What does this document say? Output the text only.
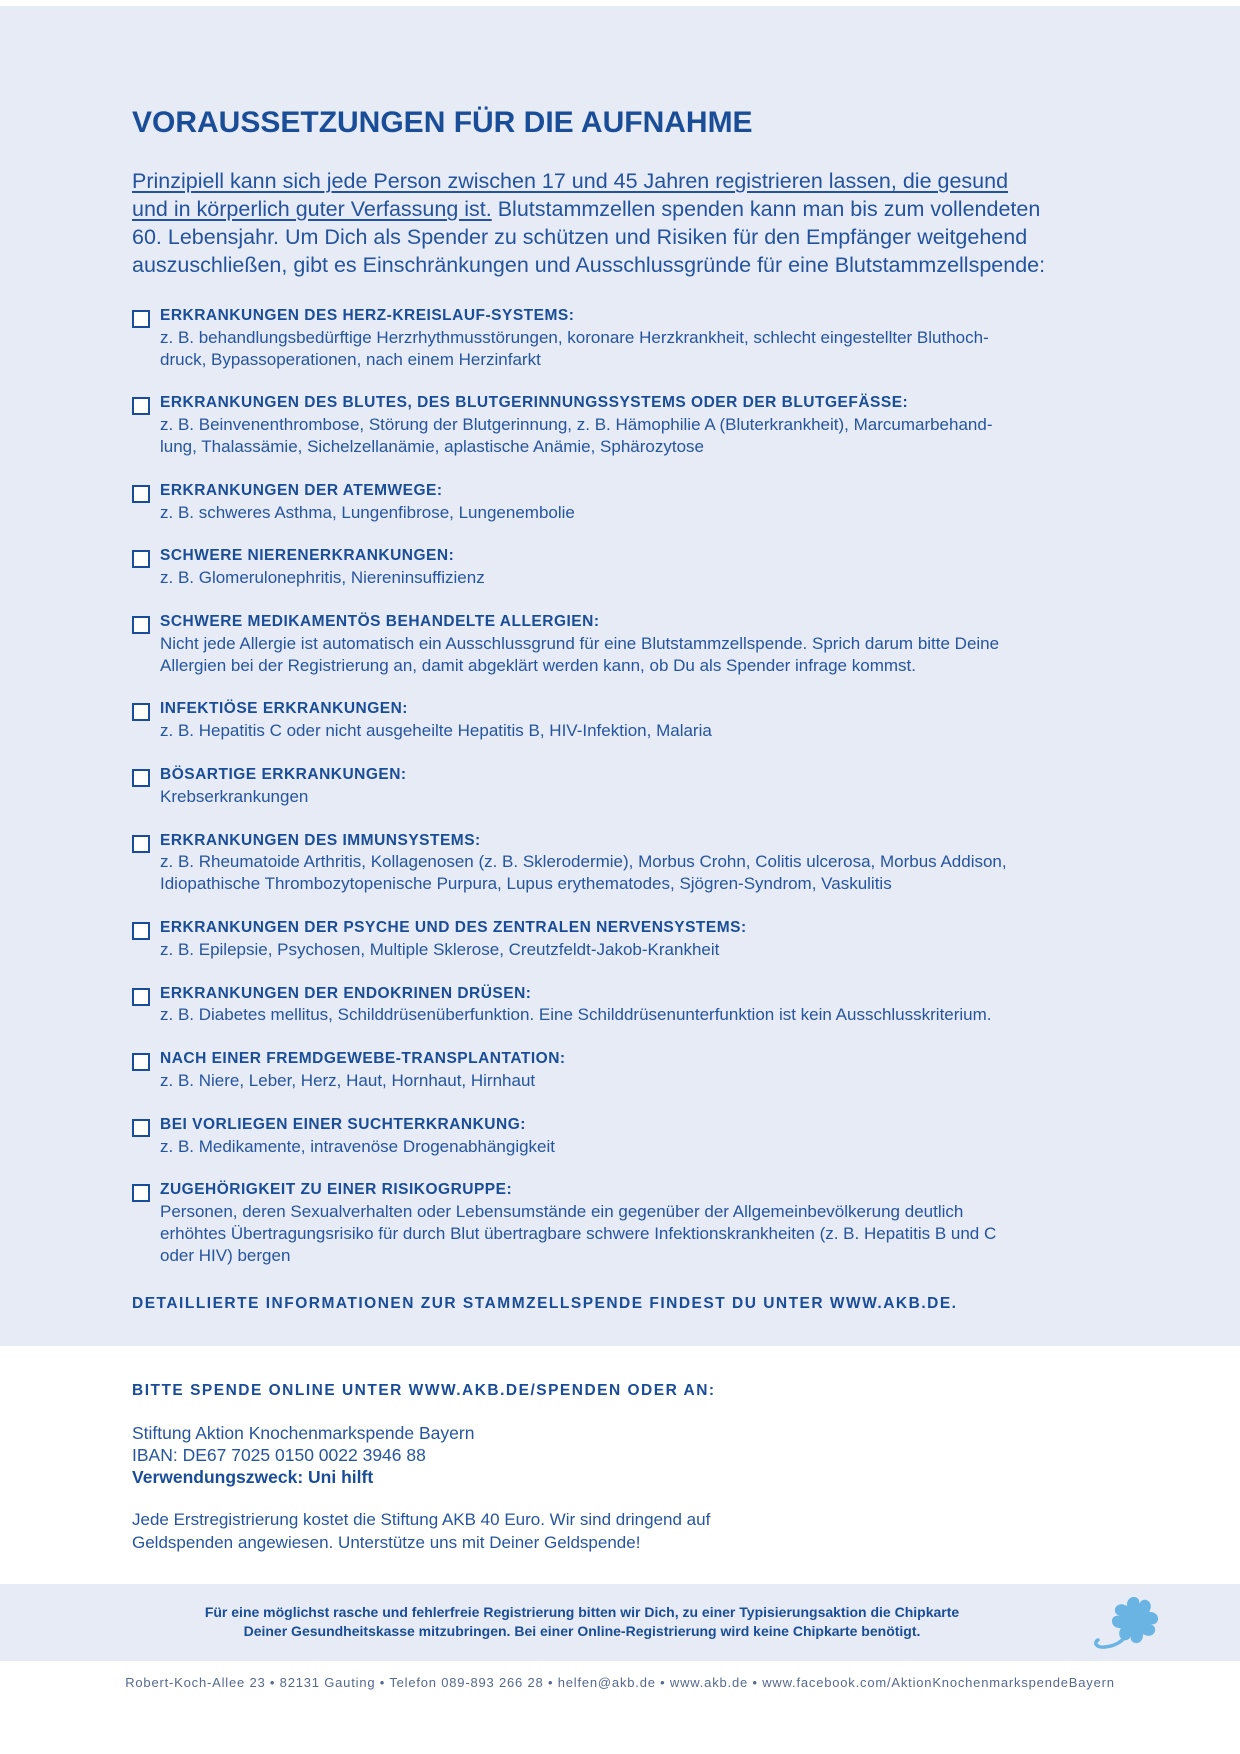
VORAUSSETZUNGEN FÜR DIE AUFNAHME
Prinzipiell kann sich jede Person zwischen 17 und 45 Jahren registrieren lassen, die gesund
und in körperlich guter Verfassung ist. Blutstammzellen spenden kann man bis zum vollendeten
60. Lebensjahr. Um Dich als Spender zu schützen und Risiken für den Empfänger weitgehend
auszuschließen, gibt es Einschränkungen und Ausschlussgründe für eine Blutstammzellspende:
ERKRANKUNGEN DES HERZ-KREISLAUF-SYSTEMS:
z. B. behandlungsbedürftige Herzrhythmusstörungen, koronare Herzkrankheit, schlecht eingestellter Bluthoch-
druck, Bypassoperationen, nach einem Herzinfarkt
ERKRANKUNGEN DES BLUTES, DES BLUTGERINNUNGSSYSTEMS ODER DER BLUTGEFÄSSE:
z. B. Beinvenenthrombose, Störung der Blutgerinnung, z. B. Hämophilie A (Bluterkrankheit), Marcumarbehand-
lung, Thalassämie, Sichelzellanämie, aplastische Anämie, Sphärozytose
ERKRANKUNGEN DER ATEMWEGE:
z. B. schweres Asthma, Lungenfibrose, Lungenembolie
SCHWERE NIERENERKRANKUNGEN:
z. B. Glomerulonephritis, Niereninsuffizienz
SCHWERE MEDIKAMENTÖS BEHANDELTE ALLERGIEN:
Nicht jede Allergie ist automatisch ein Ausschlussgrund für eine Blutstammzellspende. Sprich darum bitte Deine
Allergien bei der Registrierung an, damit abgeklärt werden kann, ob Du als Spender infrage kommst.
INFEKTIÖSE ERKRANKUNGEN:
z. B. Hepatitis C oder nicht ausgeheilte Hepatitis B, HIV-Infektion, Malaria
BÖSARTIGE ERKRANKUNGEN:
Krebserkrankungen
ERKRANKUNGEN DES IMMUNSYSTEMS:
z. B. Rheumatoide Arthritis, Kollagenosen (z. B. Sklerodermie), Morbus Crohn, Colitis ulcerosa, Morbus Addison,
Idiopathische Thrombozytopenische Purpura, Lupus erythematodes, Sjögren-Syndrom, Vaskulitis
ERKRANKUNGEN DER PSYCHE UND DES ZENTRALEN NERVENSYSTEMS:
z. B. Epilepsie, Psychosen, Multiple Sklerose, Creutzfeldt-Jakob-Krankheit
ERKRANKUNGEN DER ENDOKRINEN DRÜSEN:
z. B. Diabetes mellitus, Schilddrüsenüberfunktion. Eine Schilddrüsenunterfunktion ist kein Ausschlusskriterium.
NACH EINER FREMDGEWEBE-TRANSPLANTATION:
z. B. Niere, Leber, Herz, Haut, Hornhaut, Hirnhaut
BEI VORLIEGEN EINER SUCHTERKRANKUNG:
z. B. Medikamente, intravenöse Drogenabhängigkeit
ZUGEHÖRIGKEIT ZU EINER RISIKOGRUPPE:
Personen, deren Sexualverhalten oder Lebensumstände ein gegenüber der Allgemeinbevölkerung deutlich
erhöhtes Übertragungsrisiko für durch Blut übertragbare schwere Infektionskrankheiten (z. B. Hepatitis B und C
oder HIV) bergen
DETAILLIERTE INFORMATIONEN ZUR STAMMZELLSPENDE FINDEST DU UNTER WWW.AKB.DE.
BITTE SPENDE ONLINE UNTER WWW.AKB.DE/SPENDEN ODER AN:
Stiftung Aktion Knochenmarkspende Bayern
IBAN: DE67 7025 0150 0022 3946 88
Verwendungszweck: Uni hilft
Jede Erstregistrierung kostet die Stiftung AKB 40 Euro. Wir sind dringend auf
Geldspenden angewiesen. Unterstütze uns mit Deiner Geldspende!
Für eine möglichst rasche und fehlerfreie Registrierung bitten wir Dich, zu einer Typisierungsaktion die Chipkarte
Deiner Gesundheitskasse mitzubringen. Bei einer Online-Registrierung wird keine Chipkarte benötigt.
Robert-Koch-Allee 23 • 82131 Gauting • Telefon 089-893 266 28 • helfen@akb.de • www.akb.de • www.facebook.com/AktionKnochenmarkspendeBayern
